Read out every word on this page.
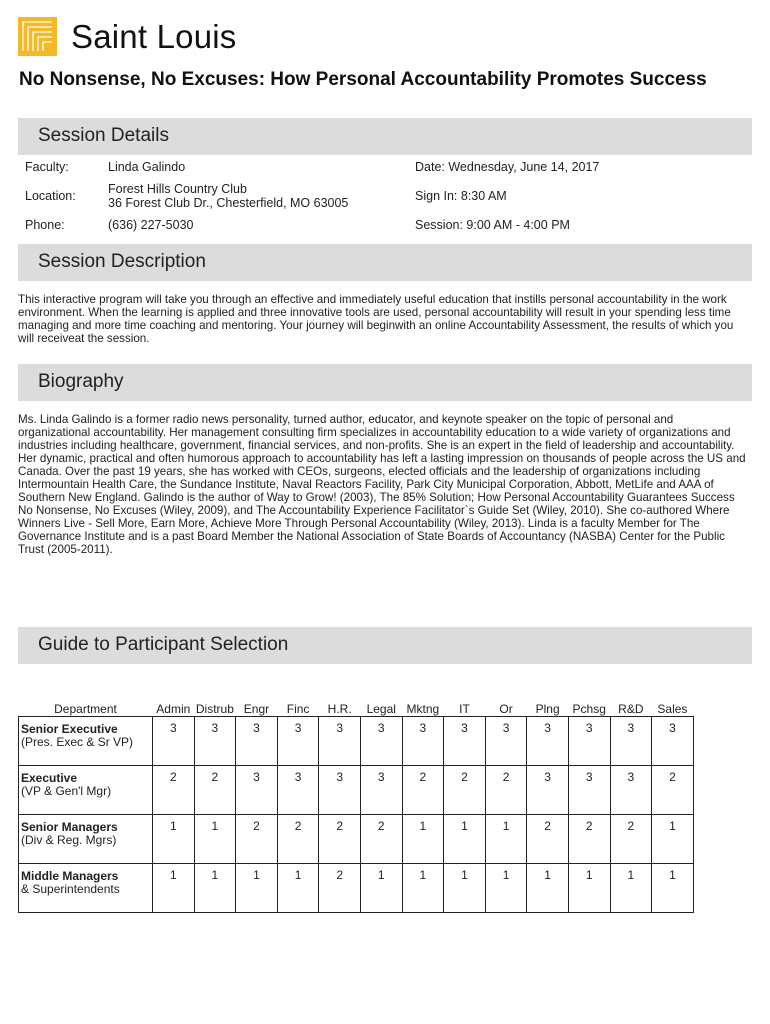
Saint Louis
No Nonsense, No Excuses: How Personal Accountability Promotes Success
Session Details
Faculty:	Linda Galindo	Date: Wednesday, June 14, 2017
Location:	Forest Hills Country Club
36 Forest Club Dr., Chesterfield, MO 63005	Sign In: 8:30 AM
Phone:	(636) 227-5030	Session: 9:00 AM - 4:00 PM
Session Description
This interactive program will take you through an effective and immediately useful education that instills personal accountability in the work environment. When the learning is applied and three innovative tools are used, personal accountability will result in your spending less time managing and more time coaching and mentoring. Your journey will beginwith an online Accountability Assessment, the results of which you will receiveat the session.
Biography
Ms. Linda Galindo is a former radio news personality, turned author, educator, and keynote speaker on the topic of personal and organizational accountability. Her management consulting firm specializes in accountability education to a wide variety of organizations and industries including healthcare, government, financial services, and non-profits. She is an expert in the field of leadership and accountability. Her dynamic, practical and often humorous approach to accountability has left a lasting impression on thousands of people across the US and Canada. Over the past 19 years, she has worked with CEOs, surgeons, elected officials and the leadership of organizations including Intermountain Health Care, the Sundance Institute, Naval Reactors Facility, Park City Municipal Corporation, Abbott, MetLife and AAA of Southern New England. Galindo is the author of Way to Grow! (2003), The 85% Solution; How Personal Accountability Guarantees Success No Nonsense, No Excuses (Wiley, 2009), and The Accountability Experience Facilitator`s Guide Set (Wiley, 2010). She co-authored Where Winners Live - Sell More, Earn More, Achieve More Through Personal Accountability (Wiley, 2013). Linda is a faculty Member for The Governance Institute and is a past Board Member the National Association of State Boards of Accountancy (NASBA) Center for the Public Trust (2005-2011).
Guide to Participant Selection
Department	Admin	Distrub	Engr	Finc	H.R.	Legal	Mktng	IT	Or	Plng	Pchsg	R&D	Sales

Senior Executive
(Pres. Exec & Sr VP)	3	3	3	3	3	3	3	3	3	3	3	3	3

Executive
(VP & Gen'l Mgr)	2	2	3	3	3	3	2	2	2	3	3	3	2

Senior Managers
(Div & Reg. Mgrs)	1	1	2	2	2	2	1	1	1	2	2	2	1

Middle Managers
& Superintendents	1	1	1	1	2	1	1	1	1	1	1	1	1
